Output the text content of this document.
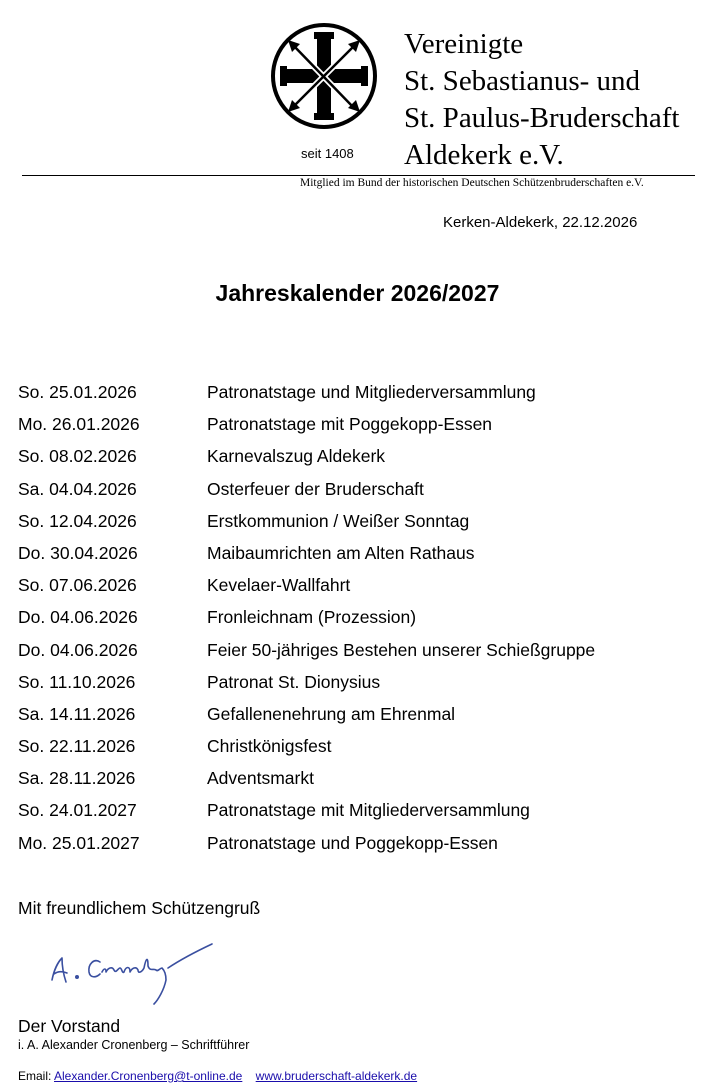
seit 1408
Vereinigte
St. Sebastianus- und
St. Paulus-Bruderschaft
Aldekerk e.V.
Mitglied im Bund der historischen Deutschen Schützenbruderschaften e.V.
Kerken-Aldekerk, 22.12.2026
Jahreskalender 2026/2027
So. 25.01.2026	Patronatstage und Mitgliederversammlung
Mo. 26.01.2026	Patronatstage mit Poggekopp-Essen
So. 08.02.2026	Karnevalszug Aldekerk
Sa. 04.04.2026	Osterfeuer der Bruderschaft
So. 12.04.2026	Erstkommunion / Weißer Sonntag
Do. 30.04.2026	Maibaumrichten am Alten Rathaus
So. 07.06.2026	Kevelaer-Wallfahrt
Do. 04.06.2026	Fronleichnam (Prozession)
Do. 04.06.2026	Feier 50-jähriges Bestehen unserer Schießgruppe
So. 11.10.2026	Patronat St. Dionysius
Sa. 14.11.2026	Gefallenenehrung am Ehrenmal
So. 22.11.2026	Christkönigsfest
Sa. 28.11.2026	Adventsmarkt
So. 24.01.2027	Patronatstage mit Mitgliederversammlung
Mo. 25.01.2027	Patronatstage und Poggekopp-Essen
Mit freundlichem Schützengruß
Der Vorstand
i. A. Alexander Cronenberg – Schriftführer
Email: Alexander.Cronenberg@t-online.de www.bruderschaft-aldekerk.de
